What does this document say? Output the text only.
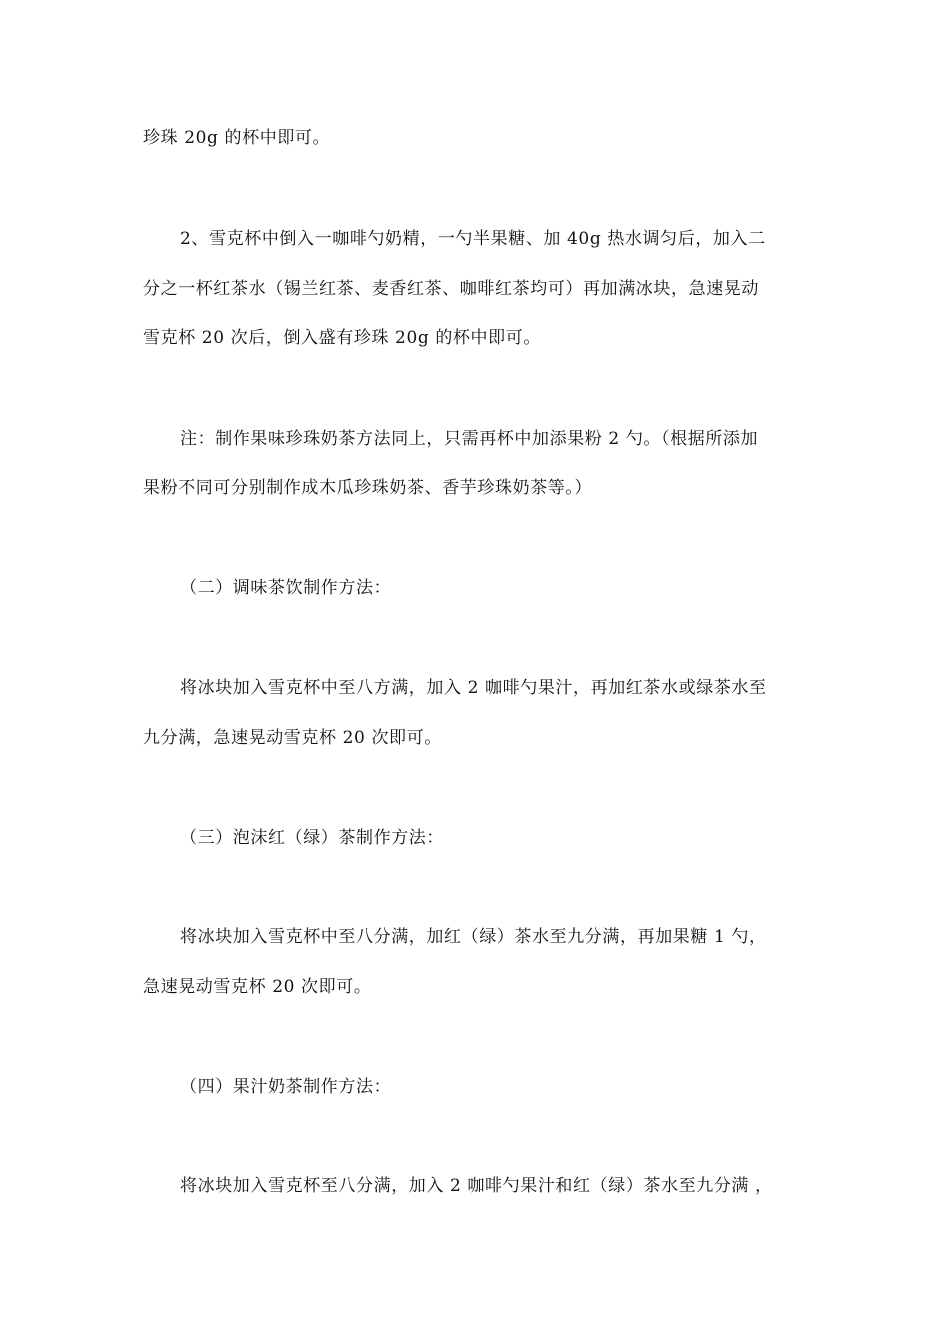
珍珠 20g 的杯中即可。
2、雪克杯中倒入一咖啡勺奶精，一勺半果糖、加 40g 热水调匀后，加入二
分之一杯红茶水（锡兰红茶、麦香红茶、咖啡红茶均可）再加满冰块，急速晃动
雪克杯 20 次后，倒入盛有珍珠 20g 的杯中即可。
注：制作果味珍珠奶茶方法同上，只需再杯中加添果粉 2 勺。（根据所添加
果粉不同可分别制作成木瓜珍珠奶茶、香芋珍珠奶茶等。）
（二）调味茶饮制作方法：
将冰块加入雪克杯中至八方满，加入 2 咖啡勺果汁，再加红茶水或绿茶水至
九分满，急速晃动雪克杯 20 次即可。
（三）泡沫红（绿）茶制作方法：
将冰块加入雪克杯中至八分满，加红（绿）茶水至九分满，再加果糖 1 勺，
急速晃动雪克杯 20 次即可。
（四）果汁奶茶制作方法：
将冰块加入雪克杯至八分满，加入 2 咖啡勺果汁和红（绿）茶水至九分满 ，
